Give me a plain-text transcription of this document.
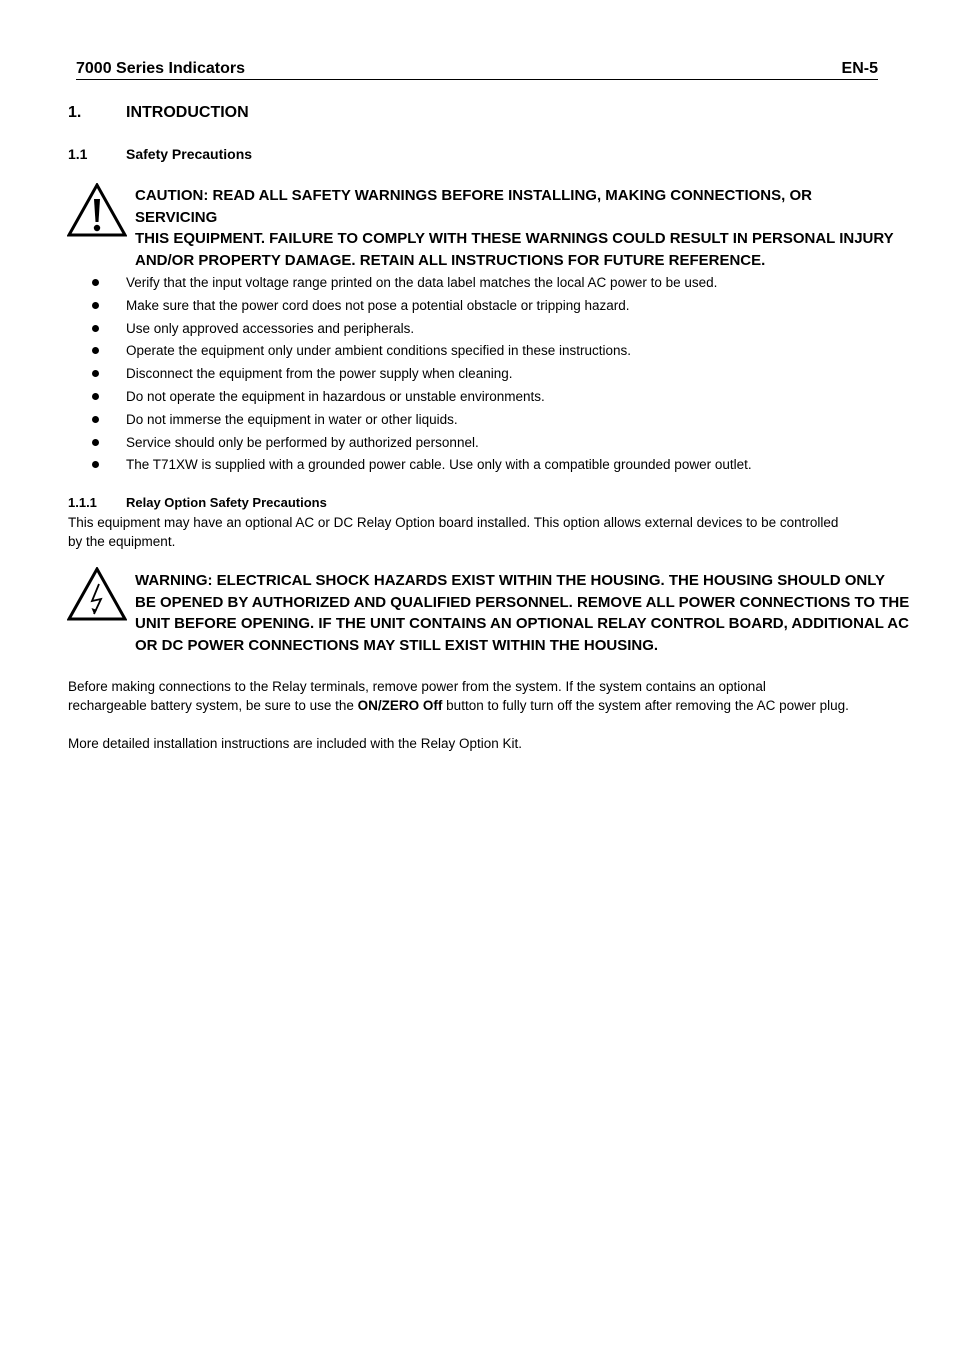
7000 Series Indicators	EN-5
1.	INTRODUCTION
1.1	Safety Precautions
CAUTION: READ ALL SAFETY WARNINGS BEFORE INSTALLING, MAKING CONNECTIONS, OR SERVICING
THIS EQUIPMENT. FAILURE TO COMPLY WITH THESE WARNINGS COULD RESULT IN PERSONAL INJURY
AND/OR PROPERTY DAMAGE. RETAIN ALL INSTRUCTIONS FOR FUTURE REFERENCE.
Verify that the input voltage range printed on the data label matches the local AC power to be used.
Make sure that the power cord does not pose a potential obstacle or tripping hazard.
Use only approved accessories and peripherals.
Operate the equipment only under ambient conditions specified in these instructions.
Disconnect the equipment from the power supply when cleaning.
Do not operate the equipment in hazardous or unstable environments.
Do not immerse the equipment in water or other liquids.
Service should only be performed by authorized personnel.
The T71XW is supplied with a grounded power cable. Use only with a compatible grounded power outlet.
1.1.1 Relay Option Safety Precautions
This equipment may have an optional AC or DC Relay Option board installed. This option allows external devices to be controlled
by the equipment.
WARNING: ELECTRICAL SHOCK HAZARDS EXIST WITHIN THE HOUSING. THE HOUSING SHOULD ONLY
BE OPENED BY AUTHORIZED AND QUALIFIED PERSONNEL. REMOVE ALL POWER CONNECTIONS TO THE
UNIT BEFORE OPENING. IF THE UNIT CONTAINS AN OPTIONAL RELAY CONTROL BOARD, ADDITIONAL AC
OR DC POWER CONNECTIONS MAY STILL EXIST WITHIN THE HOUSING.
Before making connections to the Relay terminals, remove power from the system. If the system contains an optional
rechargeable battery system, be sure to use the ON/ZERO Off button to fully turn off the system after removing the AC power plug.
More detailed installation instructions are included with the Relay Option Kit.
